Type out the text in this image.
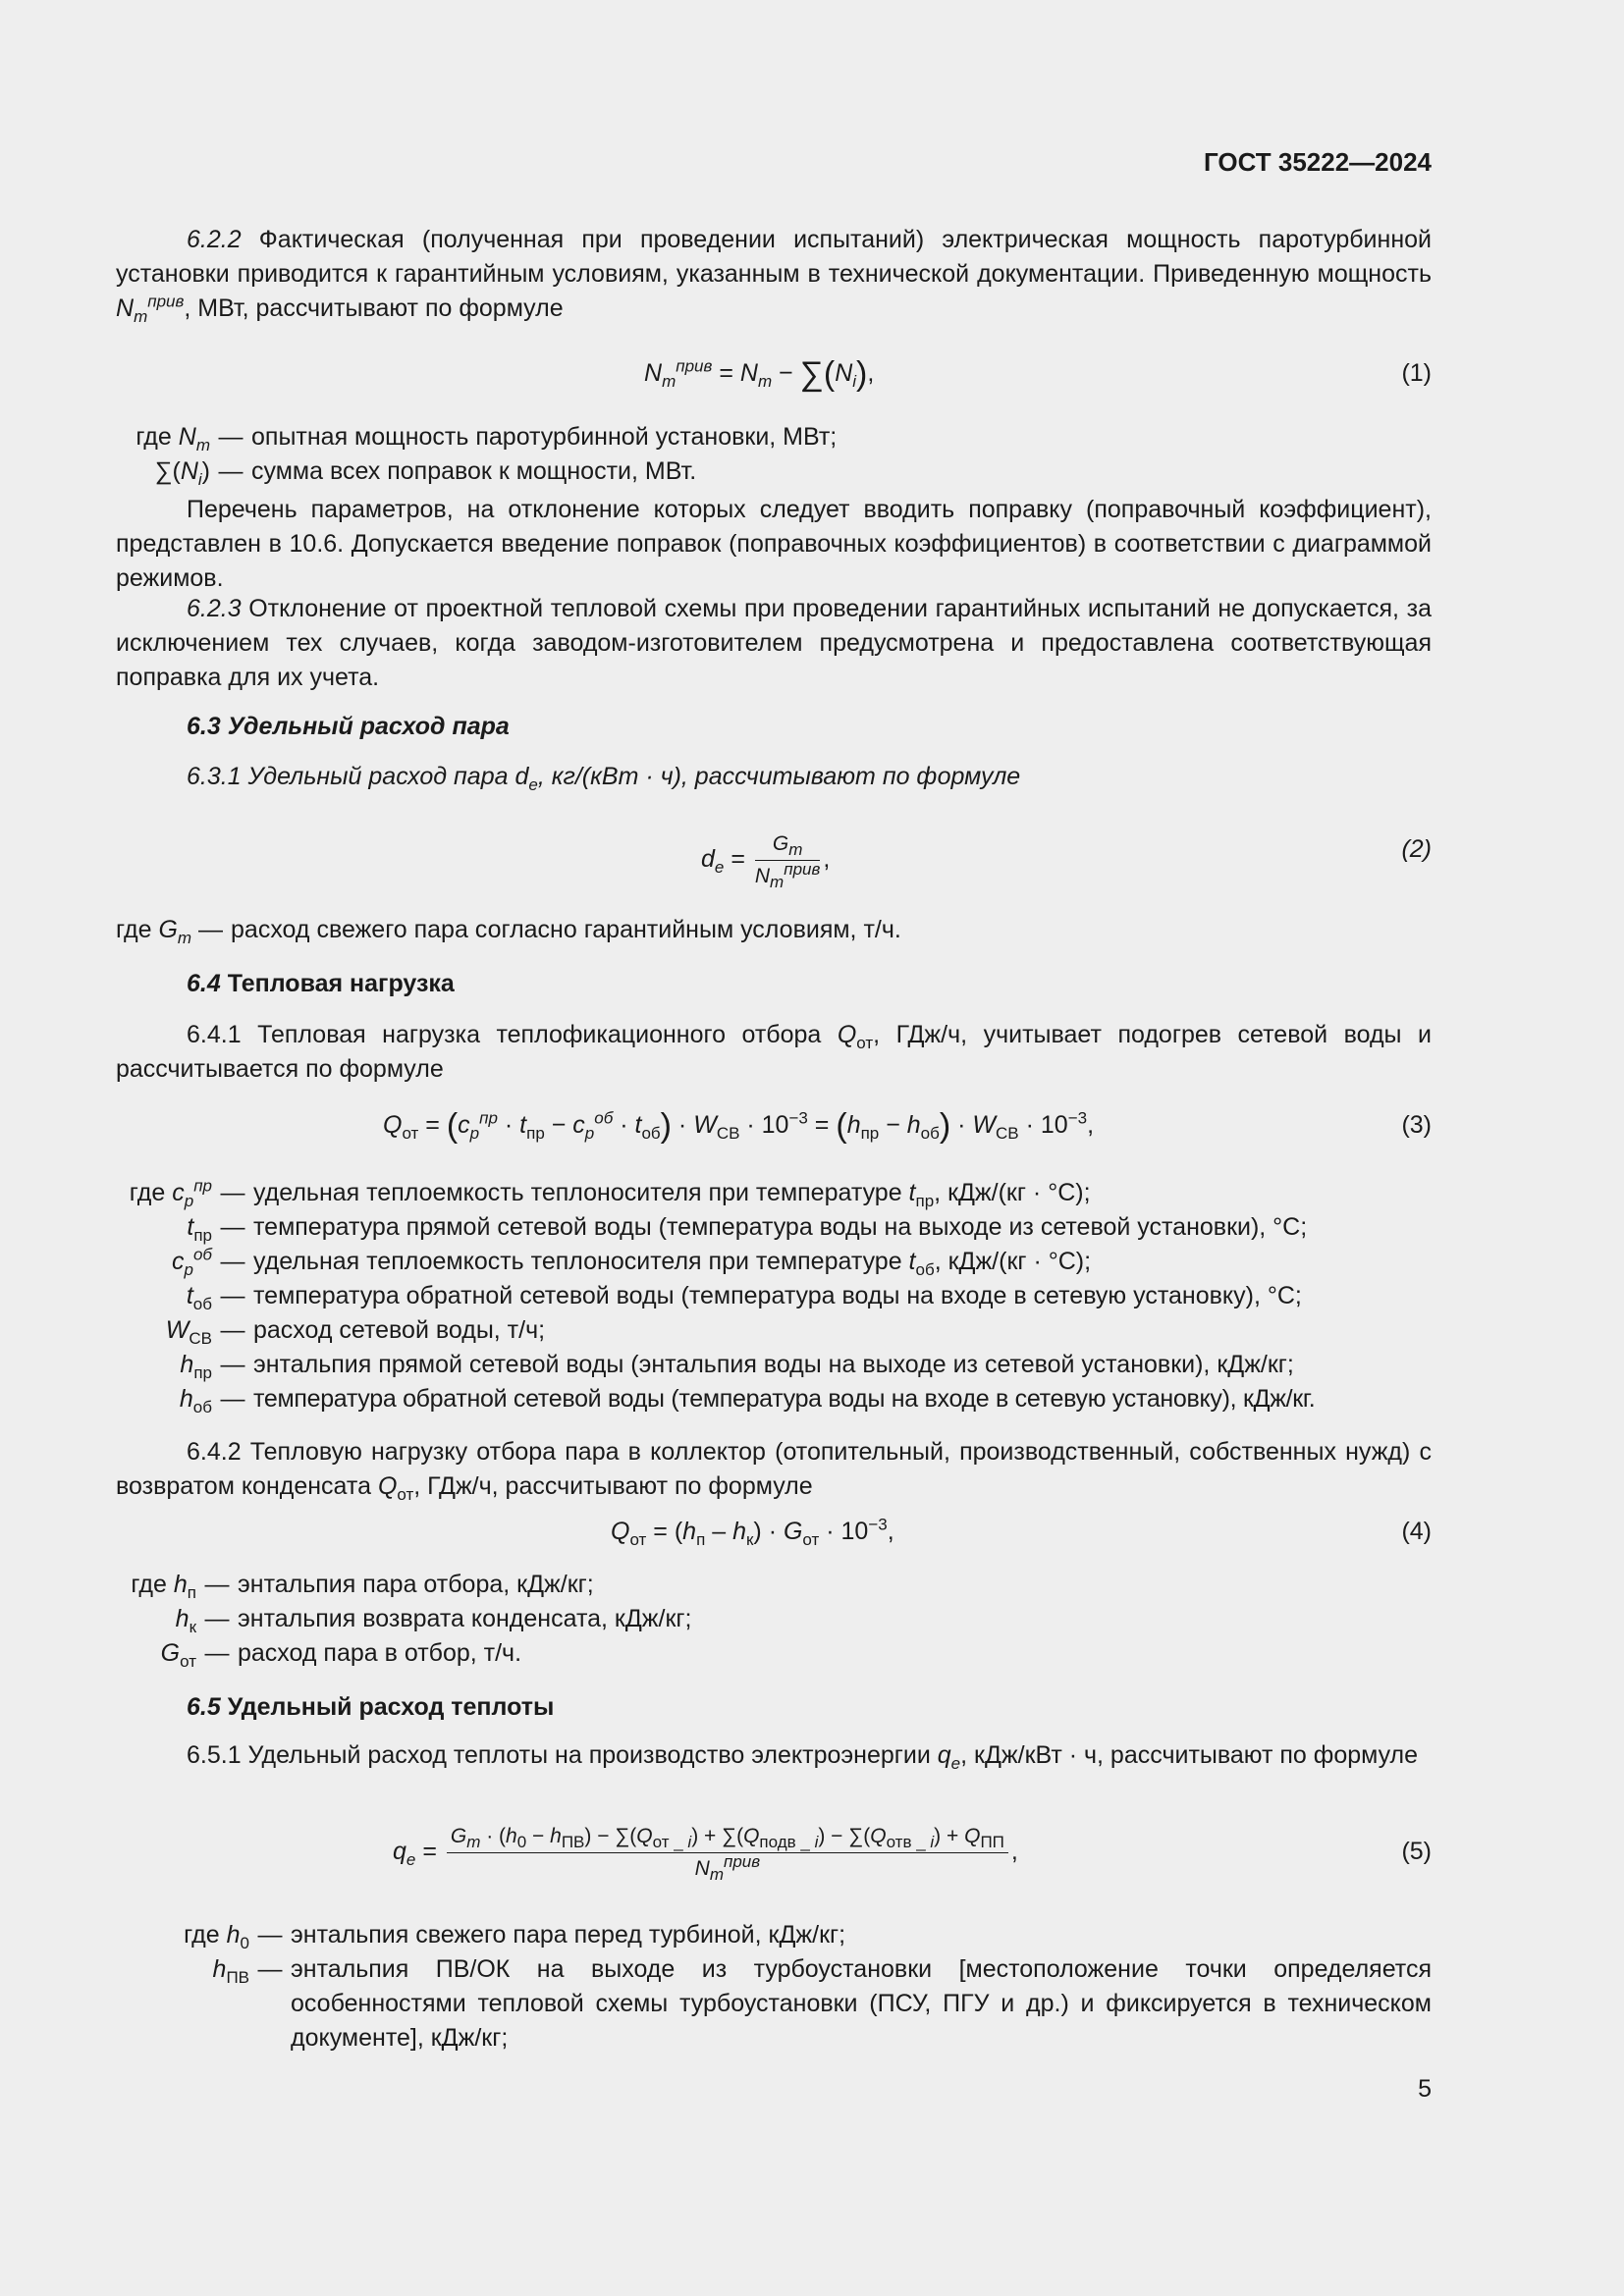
ГОСТ 35222—2024

6.2.2 Фактическая (полученная при проведении испытаний) электрическая мощность паротурбинной установки приводится к гарантийным условиям, указанным в технической документации. Приведенную мощность $N_m^{прив}$, МВт, рассчитывают по формуле

$N_m^{прив} = N_m - \sum(N_i)$,	(1)
где $N_m$ — опытная мощность паротурбинной установки, МВт;
$\sum(N_i)$ — сумма всех поправок к мощности, МВт.

Перечень параметров, на отклонение которых следует вводить поправку (поправочный коэффициент), представлен в 10.6. Допускается введение поправок (поправочных коэффициентов) в соответствии с диаграммой режимов.

6.2.3 Отклонение от проектной тепловой схемы при проведении гарантийных испытаний не допускается, за исключением тех случаев, когда заводом-изготовителем предусмотрена и предоставлена соответствующая поправка для их учета.

6.3 Удельный расход пара

6.3.1 Удельный расход пара $d_e$, кг/(кВт · ч), рассчитывают по формуле

$d_e = \frac{G_m}{N_m^{прив}}$ ,	(2)
где $G_m$ — расход свежего пара согласно гарантийным условиям, т/ч.

6.4 Тепловая нагрузка

6.4.1 Тепловая нагрузка теплофикационного отбора $Q_{от}$, ГДж/ч, учитывает подогрев сетевой воды и рассчитывается по формуле

$Q_{от} = (c_p^{пр} \cdot t_{пр} - c_p^{об} \cdot t_{об}) \cdot W_{СВ} \cdot 10^{-3} = (h_{пр} - h_{об}) \cdot W_{СВ} \cdot 10^{-3}$,	(3)
где $c_p^{пр}$ — удельная теплоемкость теплоносителя при температуре $t_{пр}$, кДж/(кг · °C);
$t_{пр}$ — температура прямой сетевой воды (температура воды на выходе из сетевой установки), °C;
$c_p^{об}$ — удельная теплоемкость теплоносителя при температуре $t_{об}$, кДж/(кг · °C);
$t_{об}$ — температура обратной сетевой воды (температура воды на входе в сетевую установку), °C;
$W_{СВ}$ — расход сетевой воды, т/ч;
$h_{пр}$ — энтальпия прямой сетевой воды (энтальпия воды на выходе из сетевой установки), кДж/кг;
$h_{об}$ — температура обратной сетевой воды (температура воды на входе в сетевую установку), кДж/кг.

6.4.2 Тепловую нагрузку отбора пара в коллектор (отопительный, производственный, собственных нужд) с возвратом конденсата $Q_{от}$, ГДж/ч, рассчитывают по формуле

$Q_{от} = (h_п - h_к) \cdot G_{от} \cdot 10^{-3}$,	(4)
где $h_п$ — энтальпия пара отбора, кДж/кг;
$h_к$ — энтальпия возврата конденсата, кДж/кг;
$G_{от}$ — расход пара в отбор, т/ч.

6.5 Удельный расход теплоты

6.5.1 Удельный расход теплоты на производство электроэнергии $q_e$, кДж/кВт · ч, рассчитывают по формуле

$q_e$ =
$G_m \cdot (h_0 - h_{ПВ}) - \sum(Q_{от \_ i}) + \sum(Q_{подв \_ i}) - \sum(Q_{отв \_ i}) + Q_{ПП}$
$N_m^{прив}$	,	(5)
где $h_0$ — энтальпия свежего пара перед турбиной, кДж/кг;
$h_{ПВ}$ — энтальпия ПВ/ОК на выходе из турбоустановки [местоположение точки определяется особенностями тепловой схемы турбоустановки (ПСУ, ПГУ и др.) и фиксируется в техническом документе], кДж/кг;
5
